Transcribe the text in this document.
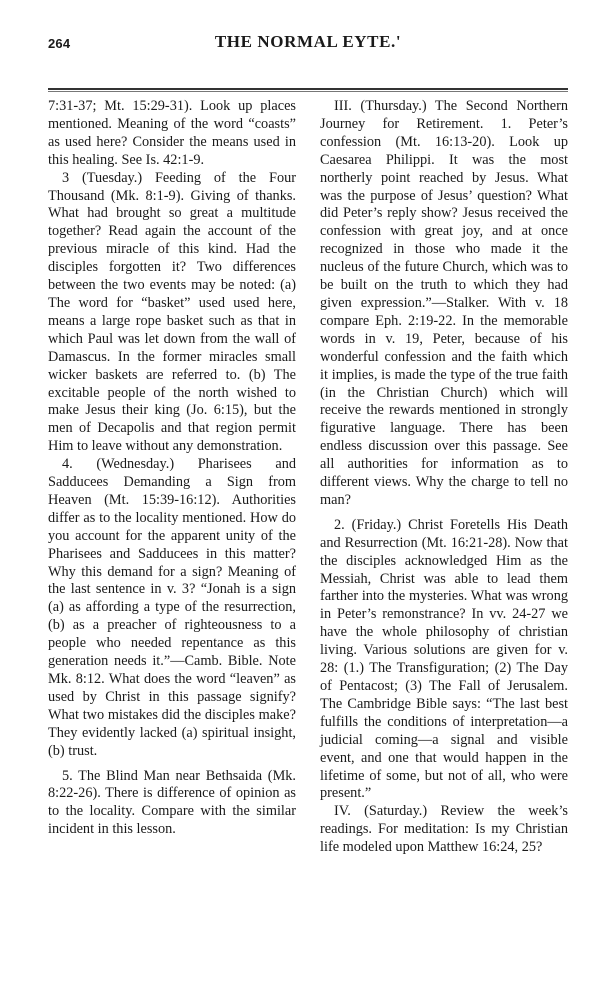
264	THE NORMAL EYTE.'

7:31-37; Mt. 15:29-31). Look up places mentioned. Meaning of the word “coasts” as used here? Consider the means used in this healing. See Is. 42:1-9.

3 (Tuesday.) Feeding of the Four Thousand (Mk. 8:1-9). Giving of thanks. What had brought so great a multitude together? Read again the account of the previous miracle of this kind. Had the disciples forgotten it? Two differences between the two events may be noted: (a) The word for “basket” used used here, means a large rope basket such as that in which Paul was let down from the wall of Damascus. In the former miracles small wicker baskets are referred to. (b) The excitable people of the north wished to make Jesus their king (Jo. 6:15), but the men of Decapolis and that region permit Him to leave without any demonstration.

4. (Wednesday.) Pharisees and Sadducees Demanding a Sign from Heaven (Mt. 15:39-16:12). Authorities differ as to the locality mentioned. How do you account for the apparent unity of the Pharisees and Sadducees in this matter? Why this demand for a sign? Meaning of the last sentence in v. 3? “Jonah is a sign (a) as affording a type of the resurrection, (b) as a preacher of righteousness to a people who needed repentance as this generation needs it.”—Camb. Bible. Note Mk. 8:12. What does the word “leaven” as used by Christ in this passage signify? What two mistakes did the disciples make? They evidently lacked (a) spiritual insight, (b) trust.

5. The Blind Man near Bethsaida (Mk. 8:22-26). There is difference of opinion as to the locality. Compare with the similar incident in this lesson.

III. (Thursday.) The Second Northern Journey for Retirement. 1. Peter’s confession (Mt. 16:13-20). Look up Caesarea Philippi. It was the most northerly point reached by Jesus. What was the purpose of Jesus’ question? What did Peter’s reply show? Jesus received the confession with great joy, and at once recognized in those who made it the nucleus of the future Church, which was to be built on the truth to which they had given expression.”—Stalker. With v. 18 compare Eph. 2:19-22. In the memorable words in v. 19, Peter, because of his wonderful confession and the faith which it implies, is made the type of the true faith (in the Christian Church) which will receive the rewards mentioned in strongly figurative language. There has been endless discussion over this passage. See all authorities for information as to different views. Why the charge to tell no man?

2. (Friday.) Christ Foretells His Death and Resurrection (Mt. 16:21-28). Now that the disciples acknowledged Him as the Messiah, Christ was able to lead them farther into the mysteries. What was wrong in Peter’s remonstrance? In vv. 24-27 we have the whole philosophy of christian living. Various solutions are given for v. 28: (1.) The Transfiguration; (2) The Day of Pentacost; (3) The Fall of Jerusalem. The Cambridge Bible says: “The last best fulfills the conditions of interpretation—a judicial coming—a signal and visible event, and one that would happen in the lifetime of some, but not of all, who were present.”

IV. (Saturday.) Review the week’s readings. For meditation: Is my Christian life modeled upon Matthew 16:24, 25?
